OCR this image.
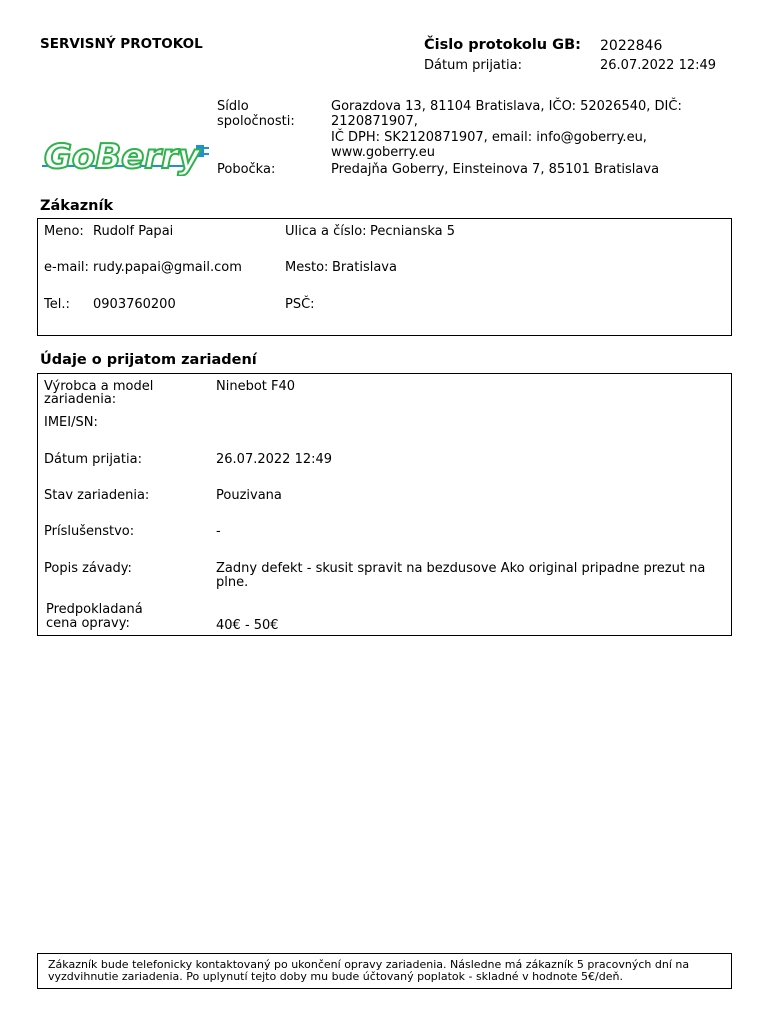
SERVISNÝ PROTOKOL	Čislo protokolu GB: 2022846
Dátum prijatia:	26.07.2022 12:49
GoBerry
Sídlo
spoločnosti:
Gorazdova 13, 81104 Bratislava, IČO: 52026540, DIČ:
2120871907,
IČ DPH: SK2120871907, email: info@goberry.eu,
www.goberry.eu
Pobočka:	Predajňa Goberry, Einsteinova 7, 85101 Bratislava
Zákazník
Meno: Rudolf Papai	Ulica a číslo: Pecnianska 5
e-mail: rudy.papai@gmail.com	Mesto: Bratislava
Tel.: 0903760200	PSČ:
Údaje o prijatom zariadení
Výrobca a model
zariadenia:
Ninebot F40
IMEI/SN:
Dátum prijatia:	26.07.2022 12:49
Stav zariadenia:	Pouzivana
Príslušenstvo:	-
Popis závady:	Zadny defekt - skusit spravit na bezdusove Ako original pripadne prezut na
plne.
Predpokladaná
cena opravy:	40€ - 50€
Zákazník bude telefonicky kontaktovaný po ukončení opravy zariadenia. Následne má zákazník 5 pracovných dní na
vyzdvihnutie zariadenia. Po uplynutí tejto doby mu bude účtovaný poplatok - skladné v hodnote 5€/deň.
